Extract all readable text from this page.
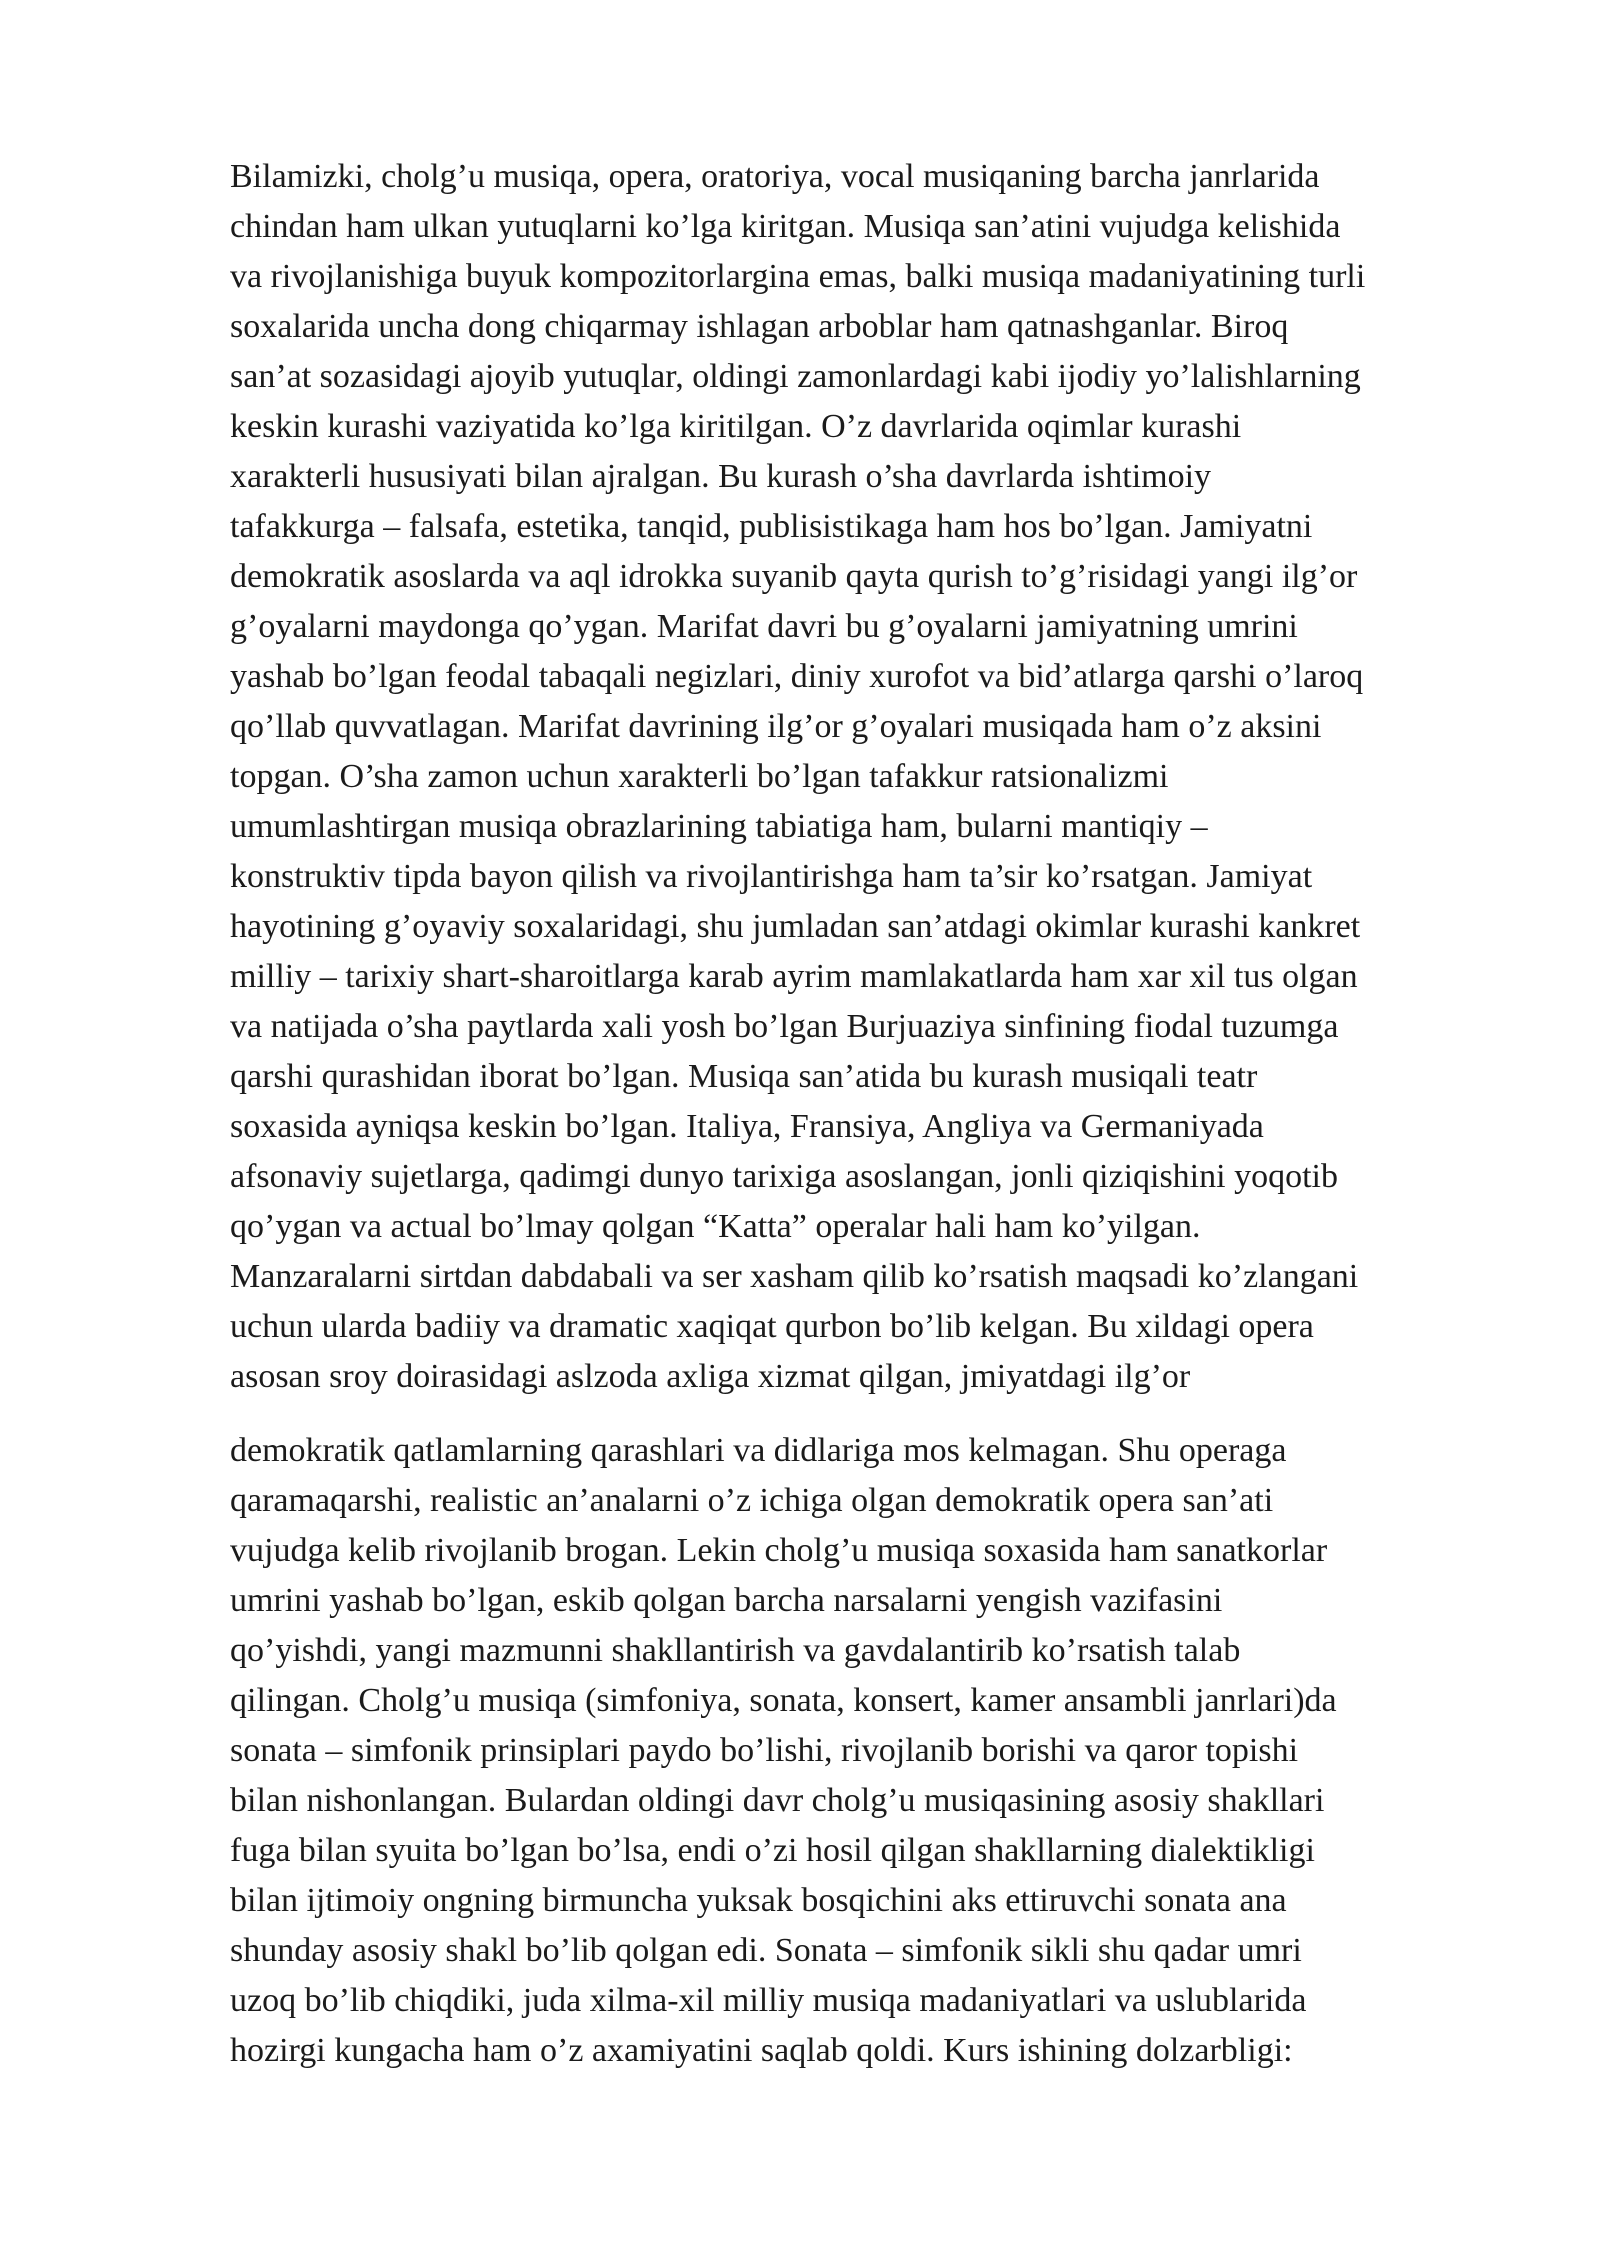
Bilamizki, cholg’u musiqa, opera, oratoriya, vocal musiqaning barcha janrlarida
chindan ham ulkan yutuqlarni ko’lga kiritgan. Musiqa san’atini vujudga kelishida
va rivojlanishiga buyuk kompozitorlargina emas, balki musiqa madaniyatining turli
soxalarida uncha dong chiqarmay ishlagan arboblar ham qatnashganlar. Biroq
san’at sozasidagi ajoyib yutuqlar, oldingi zamonlardagi kabi ijodiy yo’lalishlarning
keskin kurashi vaziyatida ko’lga kiritilgan. O’z davrlarida oqimlar kurashi
xarakterli hususiyati bilan ajralgan. Bu kurash o’sha davrlarda ishtimoiy
tafakkurga – falsafa, estetika, tanqid, publisistikaga ham hos bo’lgan. Jamiyatni
demokratik asoslarda va aql idrokka suyanib qayta qurish to’g’risidagi yangi ilg’or
g’oyalarni maydonga qo’ygan. Marifat davri bu g’oyalarni jamiyatning umrini
yashab bo’lgan feodal tabaqali negizlari, diniy xurofot va bid’atlarga qarshi o’laroq
qo’llab quvvatlagan. Marifat davrining ilg’or g’oyalari musiqada ham o’z aksini
topgan. O’sha zamon uchun xarakterli bo’lgan tafakkur ratsionalizmi
umumlashtirgan musiqa obrazlarining tabiatiga ham, bularni mantiqiy –
konstruktiv tipda bayon qilish va rivojlantirishga ham ta’sir ko’rsatgan. Jamiyat
hayotining g’oyaviy soxalaridagi, shu jumladan san’atdagi okimlar kurashi kankret
milliy – tarixiy shart-sharoitlarga karab ayrim mamlakatlarda ham xar xil tus olgan
va natijada o’sha paytlarda xali yosh bo’lgan Burjuaziya sinfining fiodal tuzumga
qarshi qurashidan iborat bo’lgan. Musiqa san’atida bu kurash musiqali teatr
soxasida ayniqsa keskin bo’lgan. Italiya, Fransiya, Angliya va Germaniyada
afsonaviy sujetlarga, qadimgi dunyo tarixiga asoslangan, jonli qiziqishini yoqotib
qo’ygan va actual bo’lmay qolgan “Katta” operalar hali ham ko’yilgan.
Manzaralarni sirtdan dabdabali va ser xasham qilib ko’rsatish maqsadi ko’zlangani
uchun ularda badiiy va dramatic xaqiqat qurbon bo’lib kelgan. Bu xildagi opera
asosan sroy doirasidagi aslzoda axliga xizmat qilgan, jmiyatdagi ilg’or
demokratik qatlamlarning qarashlari va didlariga mos kelmagan. Shu operaga
qaramaqarshi, realistic an’analarni o’z ichiga olgan demokratik opera san’ati
vujudga kelib rivojlanib brogan. Lekin cholg’u musiqa soxasida ham sanatkorlar
umrini yashab bo’lgan, eskib qolgan barcha narsalarni yengish vazifasini
qo’yishdi, yangi mazmunni shakllantirish va gavdalantirib ko’rsatish talab
qilingan. Cholg’u musiqa (simfoniya, sonata, konsert, kamer ansambli janrlari)da
sonata – simfonik prinsiplari paydo bo’lishi, rivojlanib borishi va qaror topishi
bilan nishonlangan. Bulardan oldingi davr cholg’u musiqasining asosiy shakllari
fuga bilan syuita bo’lgan bo’lsa, endi o’zi hosil qilgan shakllarning dialektikligi
bilan ijtimoiy ongning birmuncha yuksak bosqichini aks ettiruvchi sonata ana
shunday asosiy shakl bo’lib qolgan edi. Sonata – simfonik sikli shu qadar umri
uzoq bo’lib chiqdiki, juda xilma-xil milliy musiqa madaniyatlari va uslublarida
hozirgi kungacha ham o’z axamiyatini saqlab qoldi. Kurs ishining dolzarbligi:
